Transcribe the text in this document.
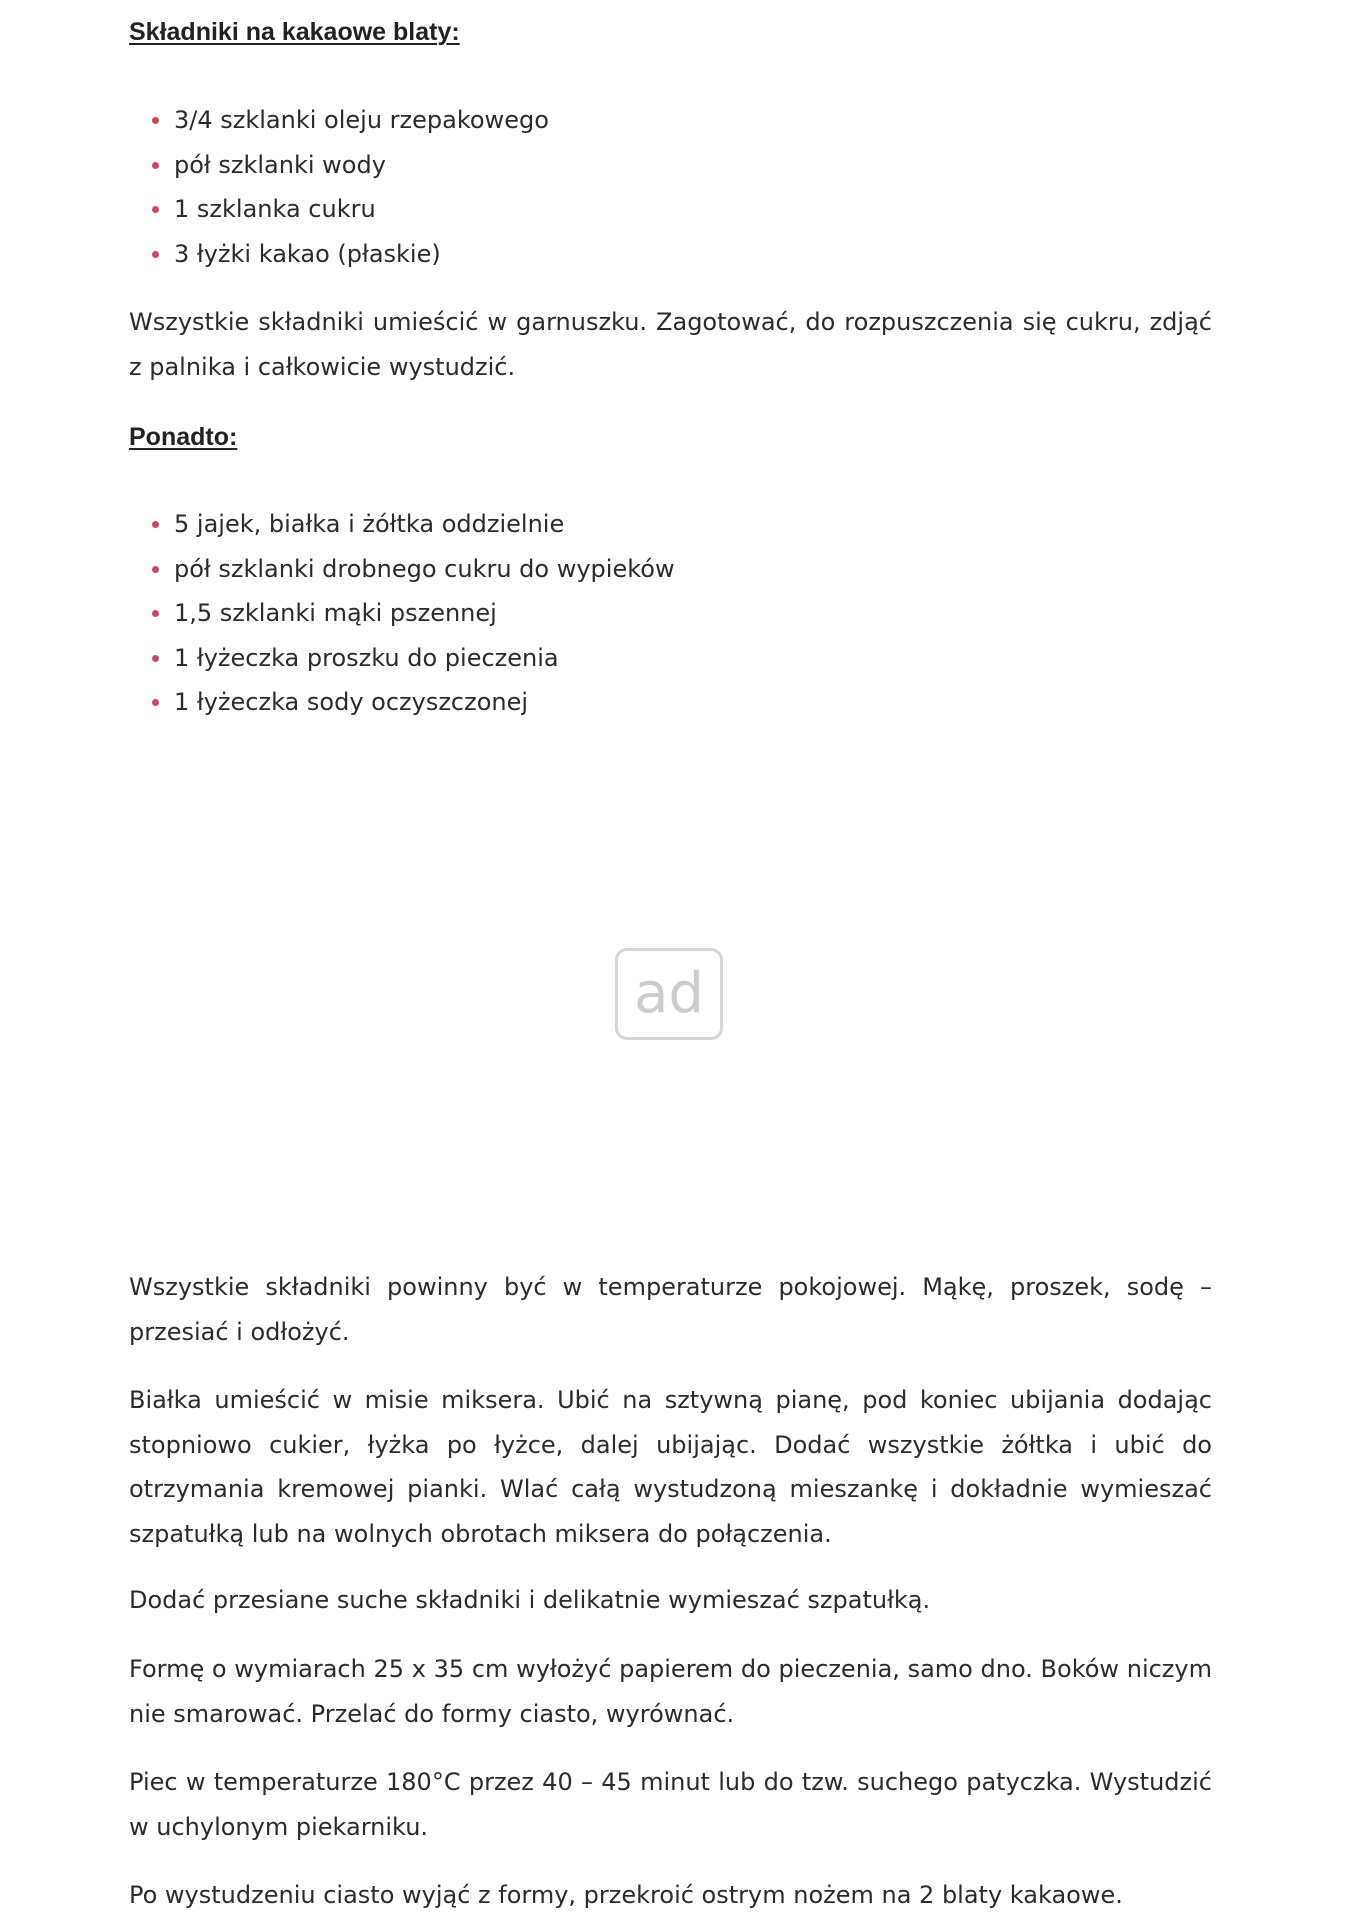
Składniki na kakaowe blaty:
3/4 szklanki oleju rzepakowego
pół szklanki wody
1 szklanka cukru
3 łyżki kakao (płaskie)

Wszystkie składniki umieścić w garnuszku. Zagotować, do rozpuszczenia się cukru, zdjąć z palnika i całkowicie wystudzić.

Ponadto:
5 jajek, białka i żółtka oddzielnie
pół szklanki drobnego cukru do wypieków
1,5 szklanki mąki pszennej
1 łyżeczka proszku do pieczenia
1 łyżeczka sody oczyszczonej

Wszystkie składniki powinny być w temperaturze pokojowej. Mąkę, proszek, sodę – przesiać i odłożyć.

Białka umieścić w misie miksera. Ubić na sztywną pianę, pod koniec ubijania dodając stopniowo cukier, łyżka po łyżce, dalej ubijając. Dodać wszystkie żółtka i ubić do otrzymania kremowej pianki. Wlać całą wystudzoną mieszankę i dokładnie wymieszać szpatułką lub na wolnych obrotach miksera do połączenia.

Dodać przesiane suche składniki i delikatnie wymieszać szpatułką.

Formę o wymiarach 25 x 35 cm wyłożyć papierem do pieczenia, samo dno. Boków niczym nie smarować. Przelać do formy ciasto, wyrównać.

Piec w temperaturze 180°C przez 40 – 45 minut lub do tzw. suchego patyczka. Wystudzić w uchylonym piekarniku.

Po wystudzeniu ciasto wyjąć z formy, przekroić ostrym nożem na 2 blaty kakaowe.

ad
